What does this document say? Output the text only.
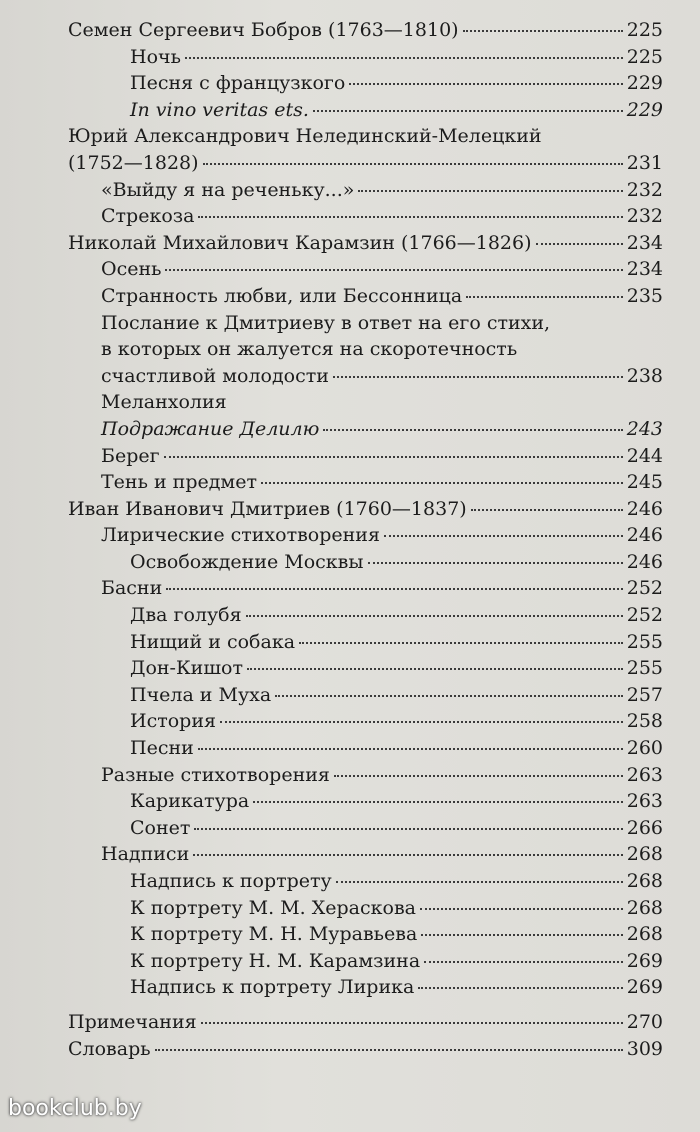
Семен Сергеевич Бобров (1763—1810)	225
Ночь	225
Песня с французкого	229
In vino veritas ets.	229
Юрий Александрович Нелединский-Мелецкий
(1752—1828)	231
«Выйду я на реченьку...»	232
Стрекоза	232
Николай Михайлович Карамзин (1766—1826)	234
Осень	234
Странность любви, или Бессонница	235
Послание к Дмитриеву в ответ на его стихи,
в которых он жалуется на скоротечность
счастливой молодости	238
Меланхолия
Подражание Делилю	243
Берег	244
Тень и предмет	245
Иван Иванович Дмитриев (1760—1837)	246
Лирические стихотворения	246
Освобождение Москвы	246
Басни	252
Два голубя	252
Нищий и собака	255
Дон-Кишот	255
Пчела и Муха	257
История	258
Песни	260
Разные стихотворения	263
Карикатура	263
Сонет	266
Надписи	268
Надпись к портрету	268
К портрету М. М. Хераскова	268
К портрету М. Н. Муравьева	268
К портрету Н. М. Карамзина	269
Надпись к портрету Лирика	269
Примечания	270
Словарь	309
bookclub.by
